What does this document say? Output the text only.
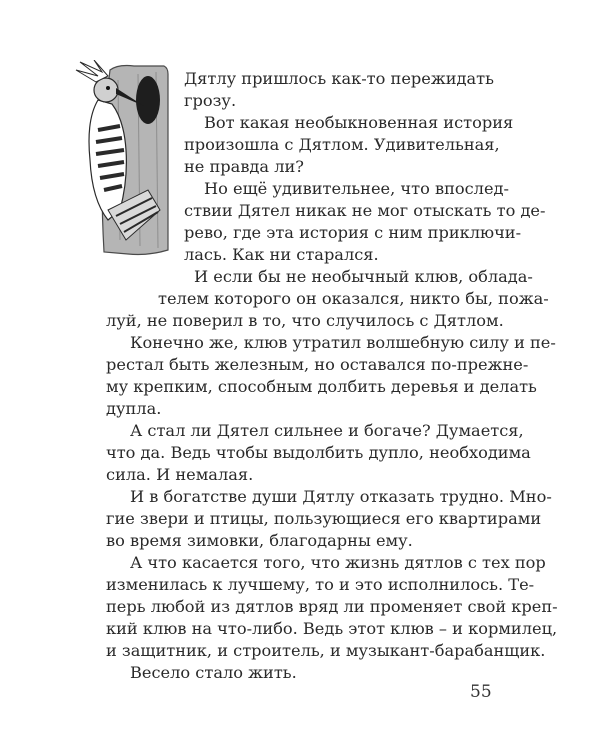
Дятлу пришлось как-то пережидать
грозу.
Вот какая необыкновенная история
произошла с Дятлом. Удивительная,
не правда ли?
Но ещё удивительнее, что впослед-
ствии Дятел никак не мог отыскать то де-
рево, где эта история с ним приключи-
лась. Как ни старался.
И если бы не необычный клюв, облада-
телем которого он оказался, никто бы, пожа-
луй, не поверил в то, что случилось с Дятлом.
Конечно же, клюв утратил волшебную силу и пе-
рестал быть железным, но оставался по-прежне-
му крепким, способным долбить деревья и делать
дупла.
А стал ли Дятел сильнее и богаче? Думается,
что да. Ведь чтобы выдолбить дупло, необходима
сила. И немалая.
И в богатстве души Дятлу отказать трудно. Мно-
гие звери и птицы, пользующиеся его квартирами
во время зимовки, благодарны ему.
А что касается того, что жизнь дятлов с тех пор
изменилась к лучшему, то и это исполнилось. Те-
перь любой из дятлов вряд ли променяет свой креп-
кий клюв на что-либо. Ведь этот клюв – и кормилец,
и защитник, и строитель, и музыкант-барабанщик.
Весело стало жить.
55
